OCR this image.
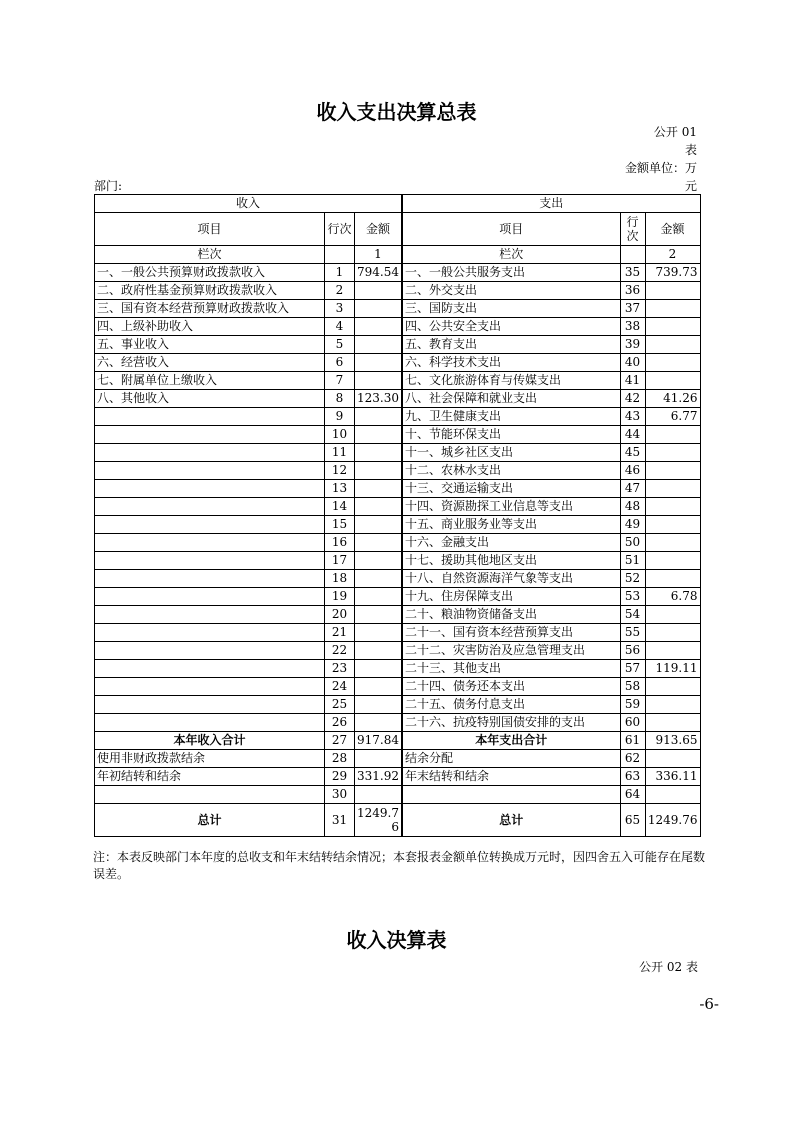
收入支出决算总表
公开 01
表
金额单位：万
元
部门:
收入			支出		
项目	行次	金额	项目	行
次	金额
栏次		1	栏次		2
一、一般公共预算财政拨款收入	1	794.54	一、一般公共服务支出	35	739.73
二、政府性基金预算财政拨款收入	2		二、外交支出	36	
三、国有资本经营预算财政拨款收入	3		三、国防支出	37	
四、上级补助收入	4		四、公共安全支出	38	
五、事业收入	5		五、教育支出	39	
六、经营收入	6		六、科学技术支出	40	
七、附属单位上缴收入	7		七、文化旅游体育与传媒支出	41	
八、其他收入	8	123.30	八、社会保障和就业支出	42	41.26
	9		九、卫生健康支出	43	6.77
	10		十、节能环保支出	44	
	11		十一、城乡社区支出	45	
	12		十二、农林水支出	46	
	13		十三、交通运输支出	47	
	14		十四、资源勘探工业信息等支出	48	
	15		十五、商业服务业等支出	49	
	16		十六、金融支出	50	
	17		十七、援助其他地区支出	51	
	18		十八、自然资源海洋气象等支出	52	
	19		十九、住房保障支出	53	6.78
	20		二十、粮油物资储备支出	54	
	21		二十一、国有资本经营预算支出	55	
	22		二十二、灾害防治及应急管理支出	56	
	23		二十三、其他支出	57	119.11
	24		二十四、债务还本支出	58	
	25		二十五、债务付息支出	59	
	26		二十六、抗疫特别国债安排的支出	60	
本年收入合计	27	917.84	本年支出合计	61	913.65
使用非财政拨款结余	28		结余分配	62	
年初结转和结余	29	331.92	年末结转和结余	63	336.11
	30			64	
总计	31	1249.76	总计	65	1249.76
注：本表反映部门本年度的总收支和年末结转结余情况；本套报表金额单位转换成万元时，因四舍五入可能存在尾数误差。
收入决算表
公开 02 表
-6-
